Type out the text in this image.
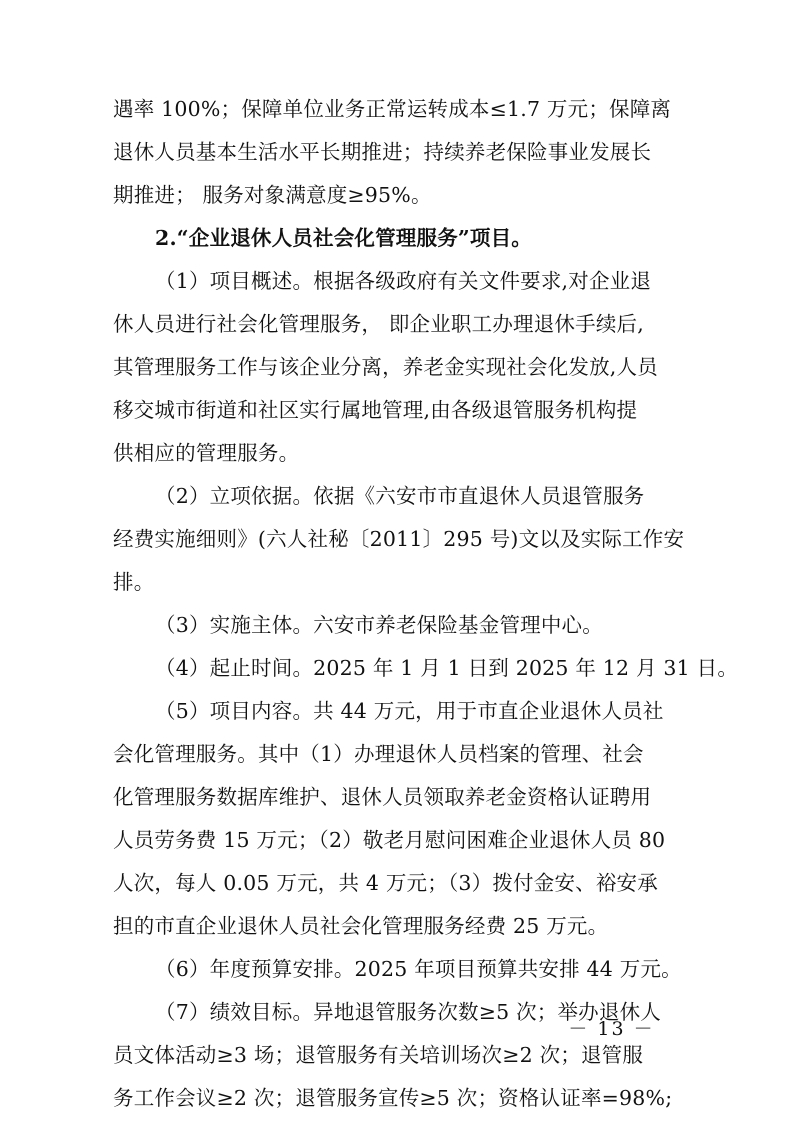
遇率 100%；保障单位业务正常运转成本≤1.7 万元；保障离
退休人员基本生活水平长期推进；持续养老保险事业发展长
期推进； 服务对象满意度≥95%。
2.“企业退休人员社会化管理服务”项目。
（1）项目概述。根据各级政府有关文件要求,对企业退
休人员进行社会化管理服务， 即企业职工办理退休手续后,
其管理服务工作与该企业分离，养老金实现社会化发放,人员
移交城市街道和社区实行属地管理,由各级退管服务机构提
供相应的管理服务。
（2）立项依据。依据《六安市市直退休人员退管服务
经费实施细则》(六人社秘〔2011〕295 号)文以及实际工作安
排。
（3）实施主体。六安市养老保险基金管理中心。
（4）起止时间。2025 年 1 月 1 日到 2025 年 12 月 31 日。
（5）项目内容。共 44 万元，用于市直企业退休人员社
会化管理服务。其中（1）办理退休人员档案的管理、社会
化管理服务数据库维护、退休人员领取养老金资格认证聘用
人员劳务费 15 万元；（2）敬老月慰问困难企业退休人员 80
人次，每人 0.05 万元，共 4 万元；（3）拨付金安、裕安承
担的市直企业退休人员社会化管理服务经费 25 万元。
（6）年度预算安排。2025 年项目预算共安排 44 万元。
（7）绩效目标。异地退管服务次数≥5 次；举办退休人
员文体活动≥3 场；退管服务有关培训场次≥2 次；退管服
务工作会议≥2 次；退管服务宣传≥5 次；资格认证率=98%;
－ 13 －
